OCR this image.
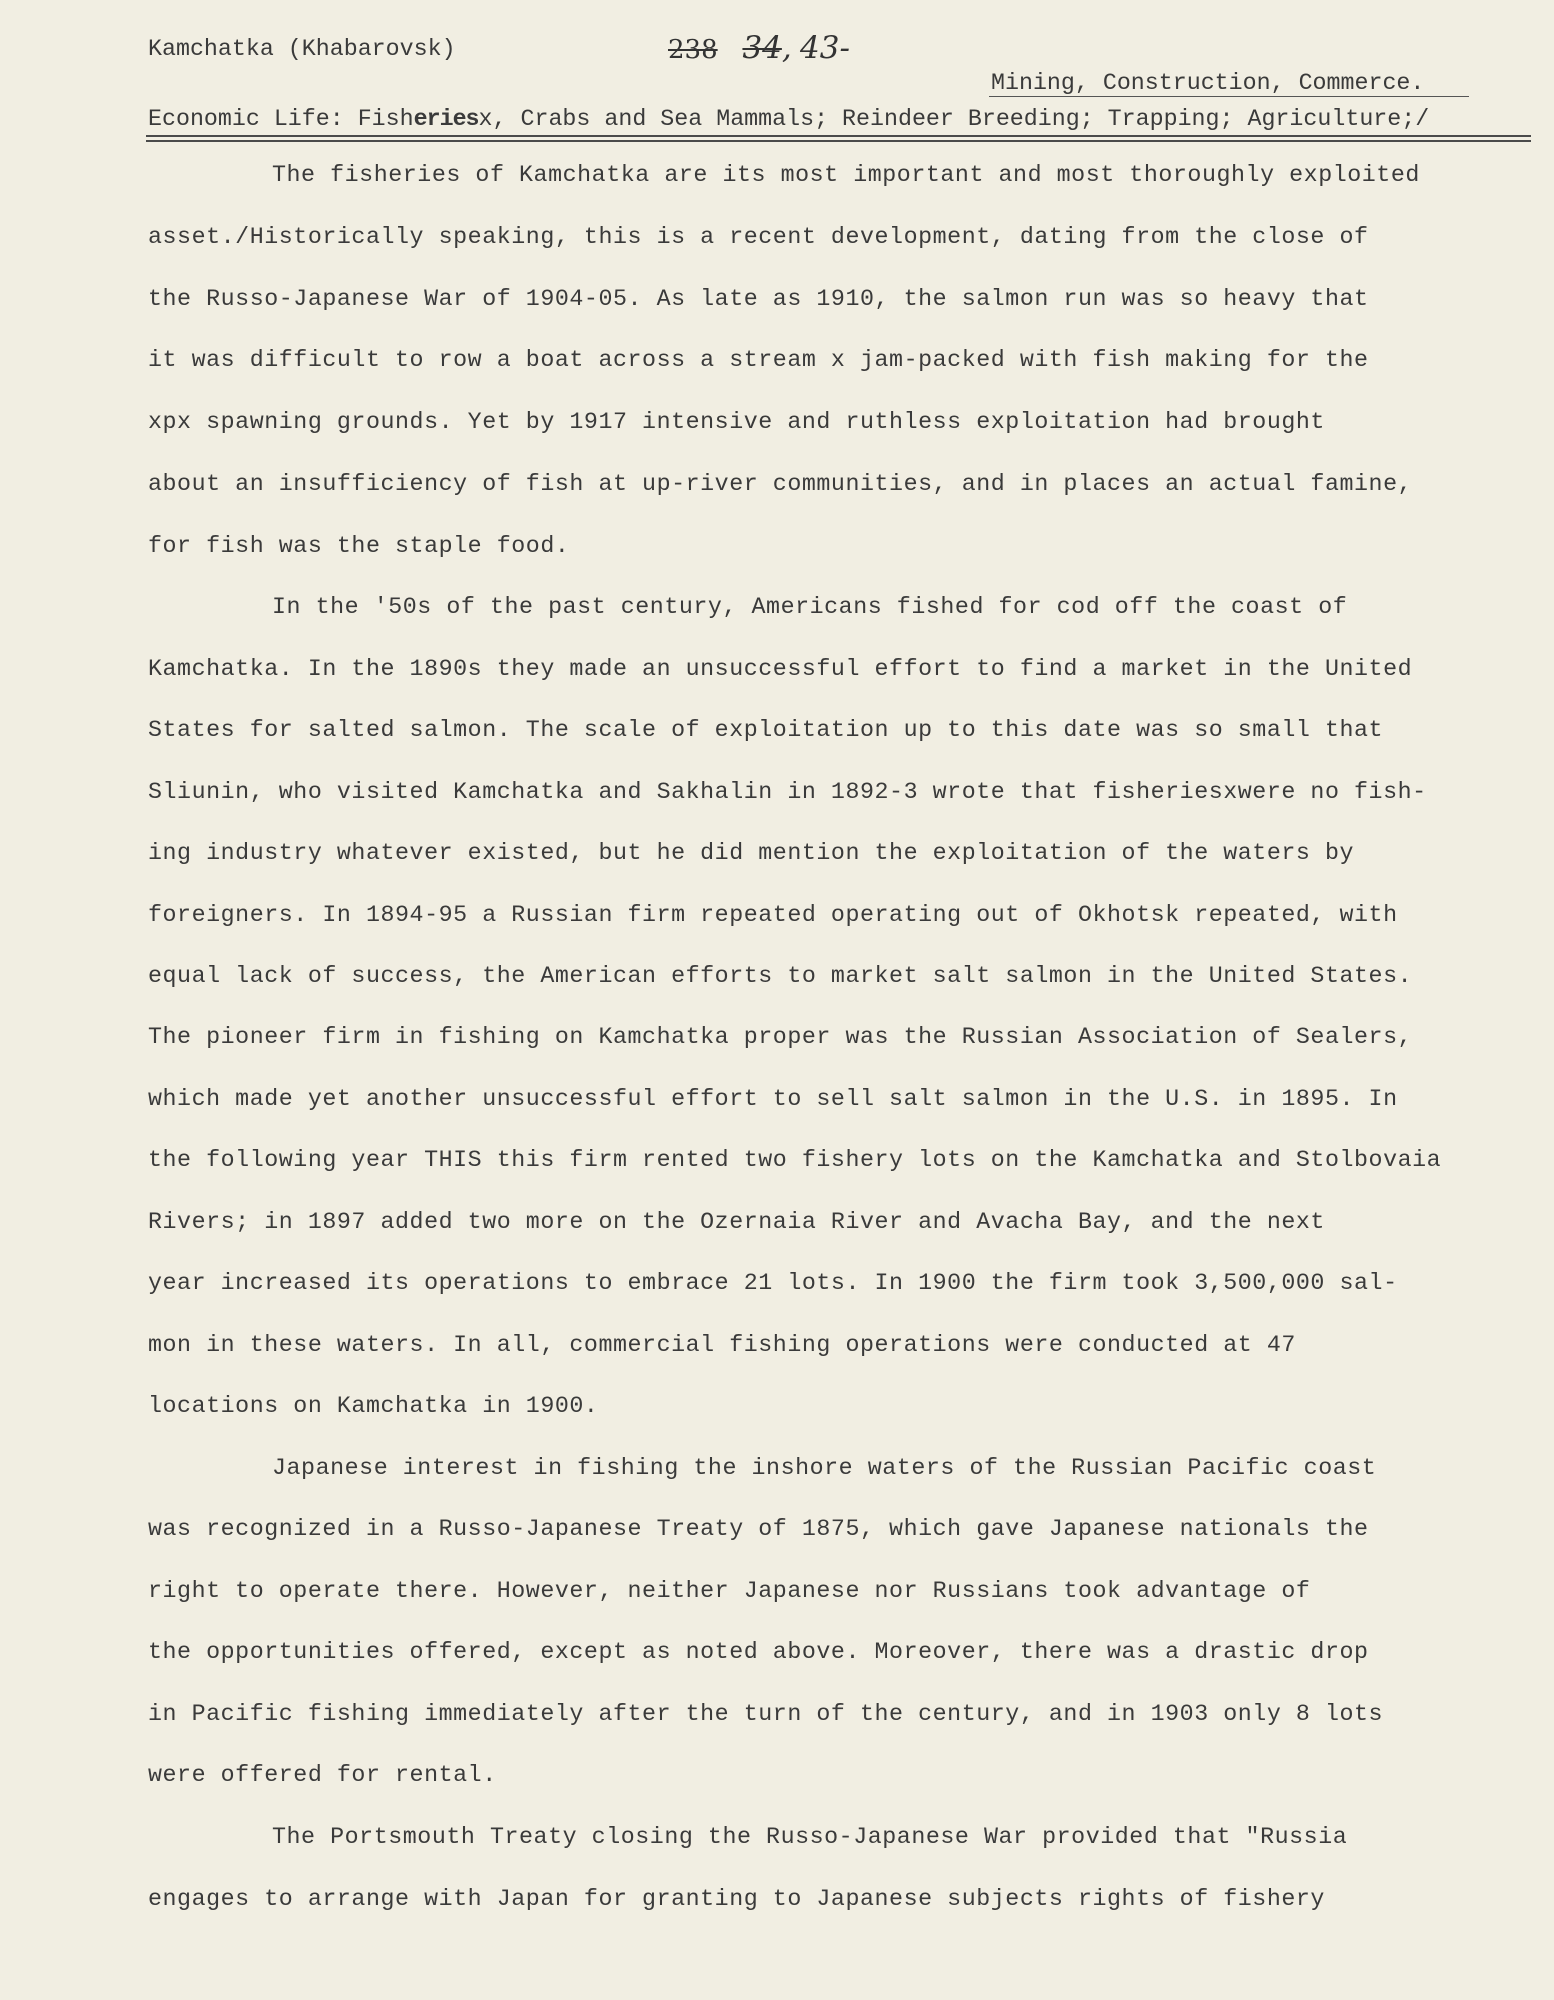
Kamchatka (Khabarovsk)	238 34, 43-
Mining, Construction, Commerce.
Economic Life: Fisheriesx, Crabs and Sea Mammals; Reindeer Breeding; Trapping; Agriculture;/
The fisheries of Kamchatka are its most important and most thoroughly exploited
asset./Historically speaking, this is a recent development, dating from the close of
the Russo-Japanese War of 1904-05. As late as 1910, the salmon run was so heavy that
it was difficult to row a boat across a stream x jam-packed with fish making for the
xpx spawning grounds. Yet by 1917 intensive and ruthless exploitation had brought
about an insufficiency of fish at up-river communities, and in places an actual famine,
for fish was the staple food.
In the '50s of the past century, Americans fished for cod off the coast of
Kamchatka. In the 1890s they made an unsuccessful effort to find a market in the United
States for salted salmon. The scale of exploitation up to this date was so small that
Sliunin, who visited Kamchatka and Sakhalin in 1892-3 wrote that fisheriesxwere no fish-
ing industry whatever existed, but he did mention the exploitation of the waters by
foreigners. In 1894-95 a Russian firm repeated operating out of Okhotsk repeated, with
equal lack of success, the American efforts to market salt salmon in the United States.
The pioneer firm in fishing on Kamchatka proper was the Russian Association of Sealers,
which made yet another unsuccessful effort to sell salt salmon in the U.S. in 1895. In
the following year THIS this firm rented two fishery lots on the Kamchatka and Stolbovaia
Rivers; in 1897 added two more on the Ozernaia River and Avacha Bay, and the next
year increased its operations to embrace 21 lots. In 1900 the firm took 3,500,000 sal-
mon in these waters. In all, commercial fishing operations were conducted at 47
locations on Kamchatka in 1900.
Japanese interest in fishing the inshore waters of the Russian Pacific coast
was recognized in a Russo-Japanese Treaty of 1875, which gave Japanese nationals the
right to operate there. However, neither Japanese nor Russians took advantage of
the opportunities offered, except as noted above. Moreover, there was a drastic drop
in Pacific fishing immediately after the turn of the century, and in 1903 only 8 lots
were offered for rental.
The Portsmouth Treaty closing the Russo-Japanese War provided that "Russia
engages to arrange with Japan for granting to Japanese subjects rights of fishery
